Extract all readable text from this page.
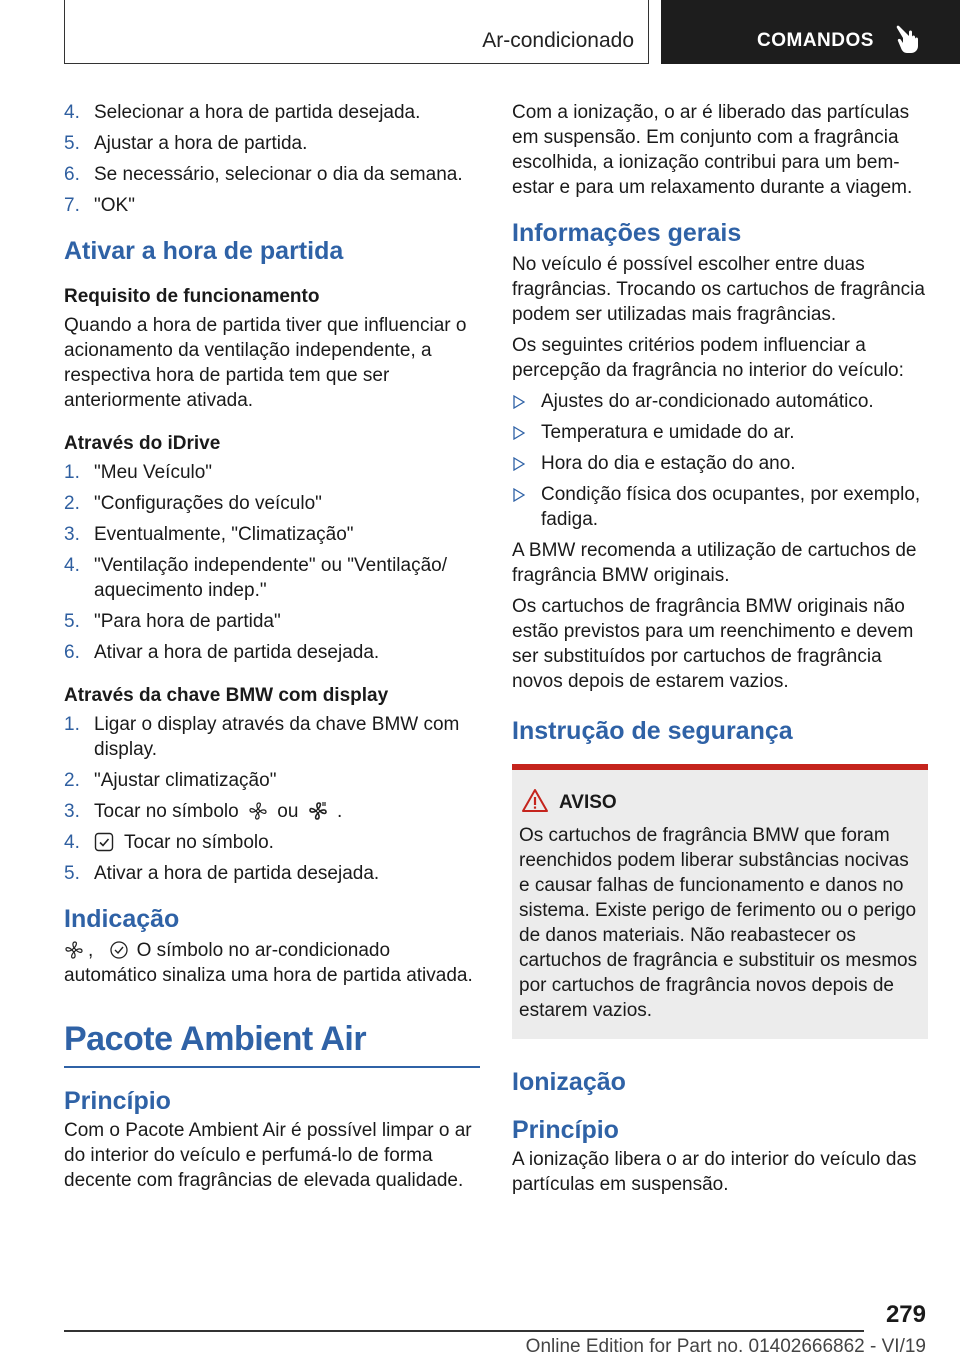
Ar-condicionado	COMANDOS
4. Selecionar a hora de partida desejada.
5. Ajustar a hora de partida.
6. Se necessário, selecionar o dia da semana.
7. "OK"
Ativar a hora de partida
Requisito de funcionamento

Quando a hora de partida tiver que influenciar o acionamento da ventilação independente, a respectiva hora de partida tem que ser anteriormente ativada.

Através do iDrive
1. "Meu Veículo"
2. "Configurações do veículo"
3. Eventualmente, "Climatização"
4. "Ventilação independente" ou "Ventilação/ aquecimento indep."
5. "Para hora de partida"
6. Ativar a hora de partida desejada.
Através da chave BMW com display
1. Ligar o display através da chave BMW com display.
2. "Ajustar climatização"
3. Tocar no símbolo ou .
4. Tocar no símbolo.
5. Ativar a hora de partida desejada.
Indicação

, O símbolo no ar-condicionado automático sinaliza uma hora de partida ativada.

Pacote Ambient Air
Princípio

Com o Pacote Ambient Air é possível limpar o ar do interior do veículo e perfumá-lo de forma decente com fragrâncias de elevada qualidade.

Com a ionização, o ar é liberado das partículas em suspensão. Em conjunto com a fragrância escolhida, a ionização contribui para um bem-estar e para um relaxamento durante a viagem.

Informações gerais

No veículo é possível escolher entre duas fragrâncias. Trocando os cartuchos de fragrância podem ser utilizadas mais fragrâncias.

Os seguintes critérios podem influenciar a percepção da fragrância no interior do veículo:

Ajustes do ar-condicionado automático.
Temperatura e umidade do ar.
Hora do dia e estação do ano.
Condição física dos ocupantes, por exemplo, fadiga.

A BMW recomenda a utilização de cartuchos de fragrância BMW originais.

Os cartuchos de fragrância BMW originais não estão previstos para um reenchimento e devem ser substituídos por cartuchos de fragrância novos depois de estarem vazios.

Instrução de segurança
AVISO

Os cartuchos de fragrância BMW que foram reenchidos podem liberar substâncias nocivas e causar falhas de funcionamento e danos no sistema. Existe perigo de ferimento ou o perigo de danos materiais. Não reabastecer os cartuchos de fragrância e substituir os mesmos por cartuchos de fragrância novos depois de estarem vazios.

Ionização
Princípio

A ionização libera o ar do interior do veículo das partículas em suspensão.

279
Online Edition for Part no. 01402666862 - VI/19
